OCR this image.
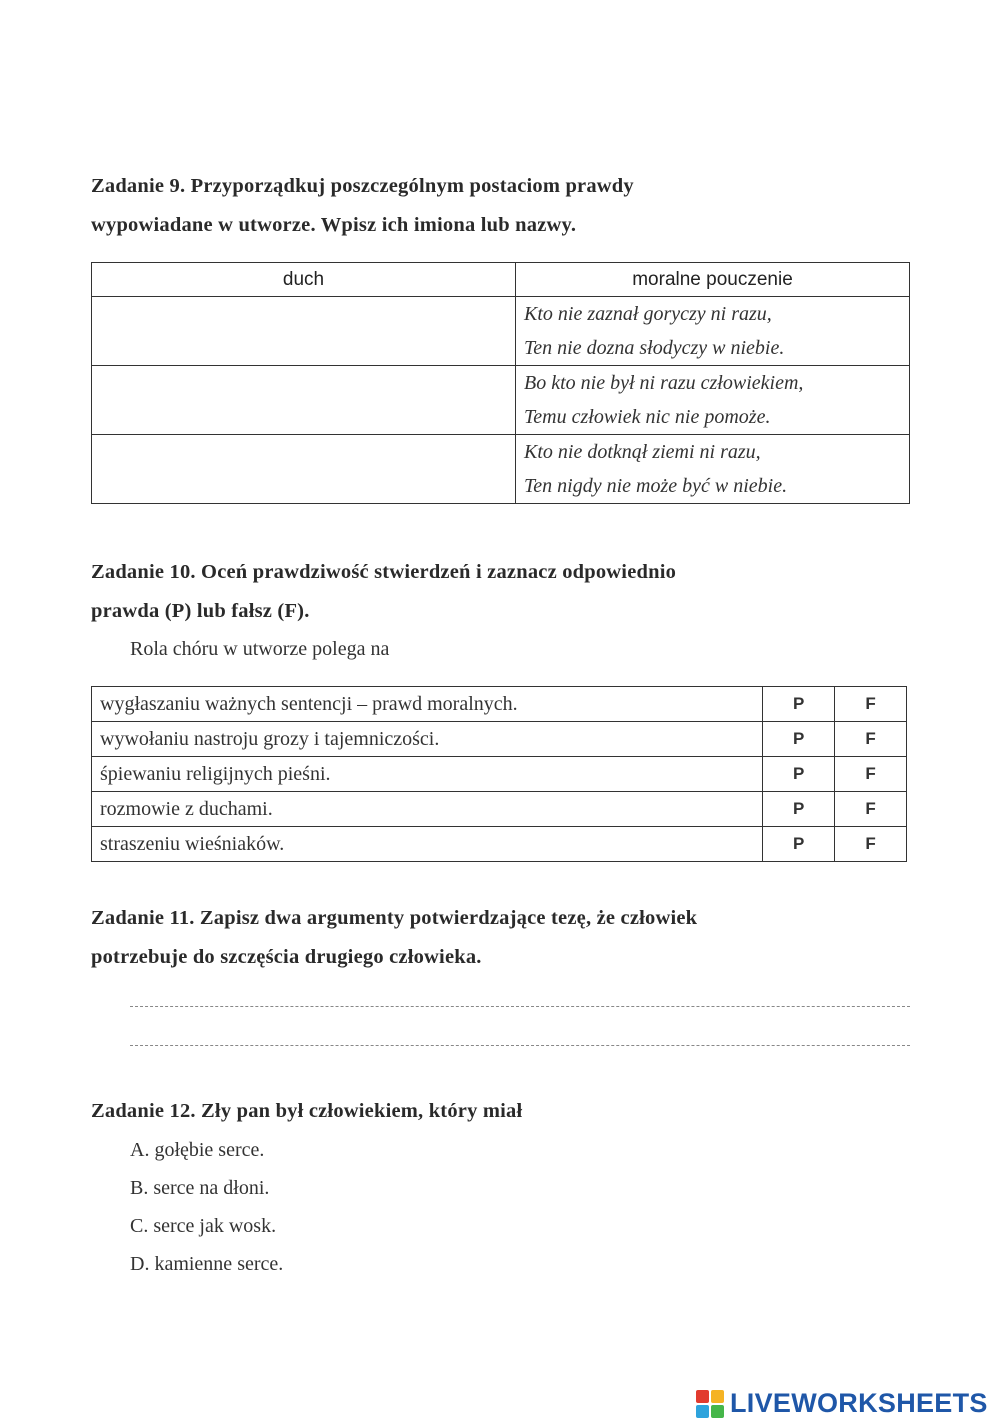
Zadanie 9. Przyporządkuj poszczególnym postaciom prawdy
wypowiadane w utworze. Wpisz ich imiona lub nazwy.
duch	moralne pouczenie

	Kto nie zaznał goryczy ni razu,
Ten nie dozna słodyczy w niebie.

	Bo kto nie był ni razu człowiekiem,
Temu człowiek nic nie pomoże.

	Kto nie dotknął ziemi ni razu,
Ten nigdy nie może być w niebie.
Zadanie 10. Oceń prawdziwość stwierdzeń i zaznacz odpowiednio
prawda (P) lub fałsz (F).
Rola chóru w utworze polega na
wygłaszaniu ważnych sentencji – prawd moralnych.	P	F
wywołaniu nastroju grozy i tajemniczości.	P	F
śpiewaniu religijnych pieśni.	P	F
rozmowie z duchami.	P	F
straszeniu wieśniaków.	P	F
Zadanie 11. Zapisz dwa argumenty potwierdzające tezę, że człowiek
potrzebuje do szczęścia drugiego człowieka.
Zadanie 12. Zły pan był człowiekiem, który miał
A. gołębie serce.
B. serce na dłoni.
C. serce jak wosk.
D. kamienne serce.
LIVEWORKSHEETS
